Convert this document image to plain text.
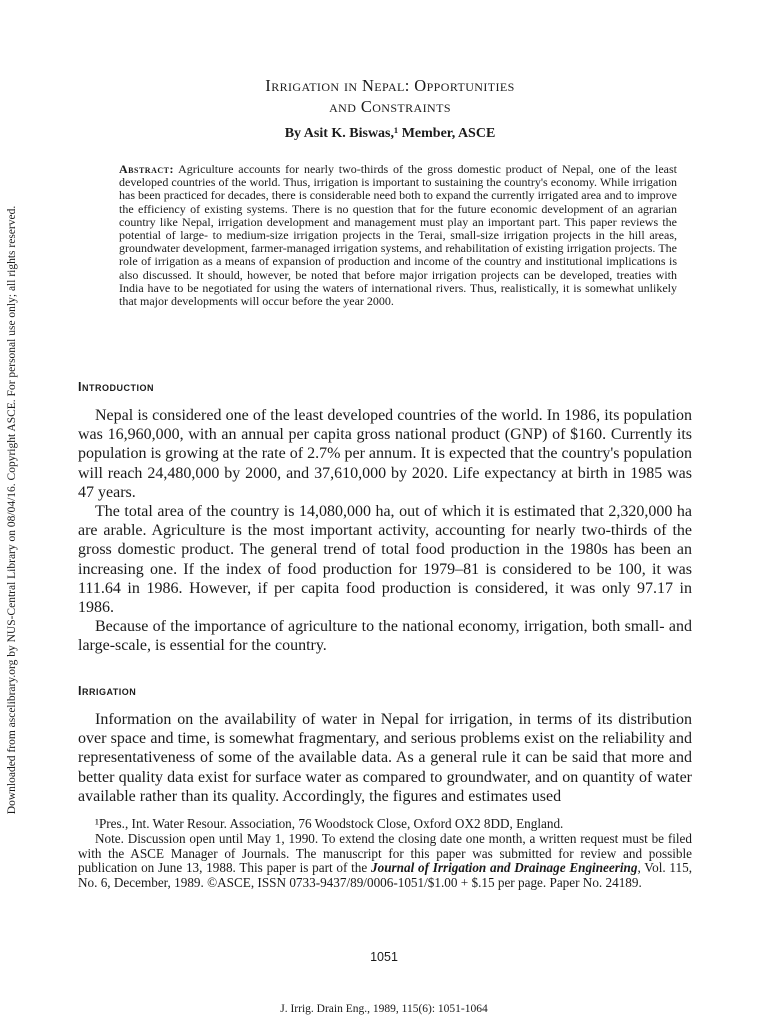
Downloaded from ascelibrary.org by NUS-Central Library on 08/04/16. Copyright ASCE. For personal use only; all rights reserved.
Irrigation in Nepal: Opportunities
and Constraints
By Asit K. Biswas,¹ Member, ASCE
Abstract: Agriculture accounts for nearly two-thirds of the gross domestic product of Nepal, one of the least developed countries of the world. Thus, irrigation is important to sustaining the country's economy. While irrigation has been practiced for decades, there is considerable need both to expand the currently irrigated area and to improve the efficiency of existing systems. There is no question that for the future economic development of an agrarian country like Nepal, irrigation development and management must play an important part. This paper reviews the potential of large- to medium-size irrigation projects in the Terai, small-size irrigation projects in the hill areas, groundwater development, farmer-managed irrigation systems, and rehabilitation of existing irrigation projects. The role of irrigation as a means of expansion of production and income of the country and institutional implications is also discussed. It should, however, be noted that before major irrigation projects can be developed, treaties with India have to be negotiated for using the waters of international rivers. Thus, realistically, it is somewhat unlikely that major developments will occur before the year 2000.
Introduction

Nepal is considered one of the least developed countries of the world. In 1986, its population was 16,960,000, with an annual per capita gross national product (GNP) of $160. Currently its population is growing at the rate of 2.7% per annum. It is expected that the country's population will reach 24,480,000 by 2000, and 37,610,000 by 2020. Life expectancy at birth in 1985 was 47 years.

The total area of the country is 14,080,000 ha, out of which it is estimated that 2,320,000 ha are arable. Agriculture is the most important activity, accounting for nearly two-thirds of the gross domestic product. The general trend of total food production in the 1980s has been an increasing one. If the index of food production for 1979–81 is considered to be 100, it was 111.64 in 1986. However, if per capita food production is considered, it was only 97.17 in 1986.

Because of the importance of agriculture to the national economy, irrigation, both small- and large-scale, is essential for the country.

Irrigation

Information on the availability of water in Nepal for irrigation, in terms of its distribution over space and time, is somewhat fragmentary, and serious problems exist on the reliability and representativeness of some of the available data. As a general rule it can be said that more and better quality data exist for surface water as compared to groundwater, and on quantity of water available rather than its quality. Accordingly, the figures and estimates used

¹Pres., Int. Water Resour. Association, 76 Woodstock Close, Oxford OX2 8DD, England.

Note. Discussion open until May 1, 1990. To extend the closing date one month, a written request must be filed with the ASCE Manager of Journals. The manuscript for this paper was submitted for review and possible publication on June 13, 1988. This paper is part of the Journal of Irrigation and Drainage Engineering, Vol. 115, No. 6, December, 1989. ©ASCE, ISSN 0733-9437/89/0006-1051/$1.00 + $.15 per page. Paper No. 24189.

1051
J. Irrig. Drain Eng., 1989, 115(6): 1051-1064
